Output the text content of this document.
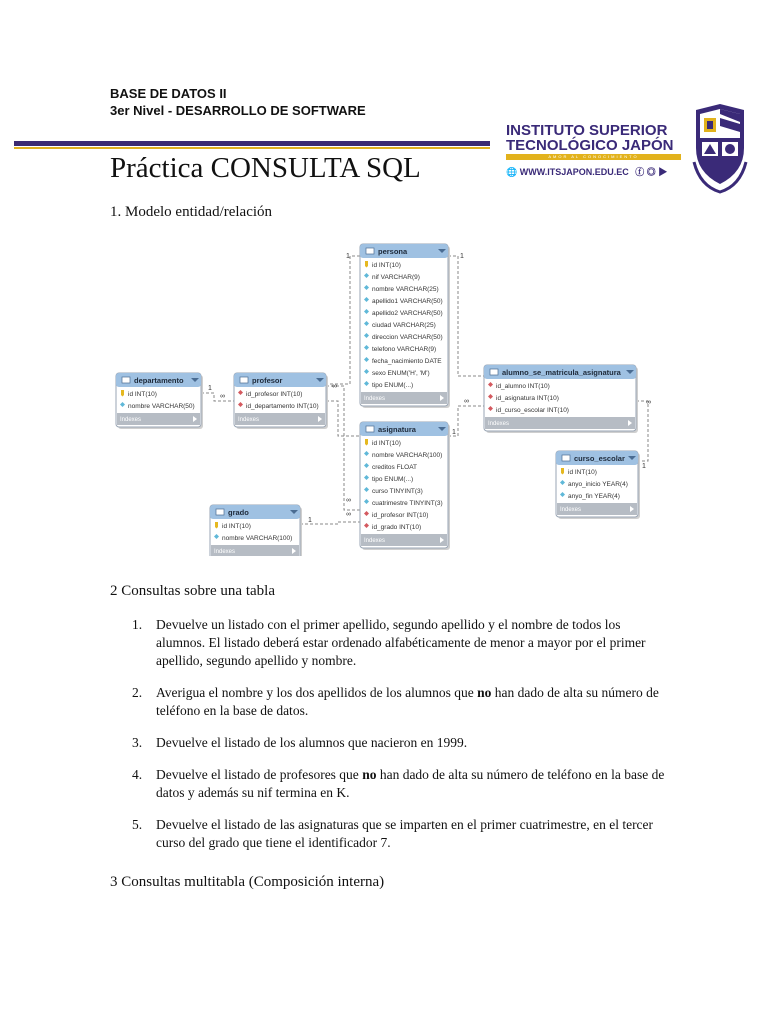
BASE DE DATOS II
3er Nivel - DESARROLLO DE SOFTWARE
INSTITUTO SUPERIOR
TECNOLÓGICO JAPÓN
AMOR AL CONOCIMIENTO
🌐 WWW.ITSJAPON.EDU.EC ⓕ ◎ ▶
Práctica CONSULTA SQL
1. Modelo entidad/relación
persona
id INT(10)
nif VARCHAR(9)
nombre VARCHAR(25)
apellido1 VARCHAR(50)
apellido2 VARCHAR(50)
ciudad VARCHAR(25)
direccion VARCHAR(50)
telefono VARCHAR(9)
fecha_nacimiento DATE
sexo ENUM('H', 'M')
tipo ENUM(...)
Indexes
departamento
id INT(10)
nombre VARCHAR(50)
Indexes
profesor
id_profesor INT(10)
id_departamento INT(10)
Indexes
alumno_se_matricula_asignatura
id_alumno INT(10)
id_asignatura INT(10)
id_curso_escolar INT(10)
Indexes
asignatura
id INT(10)
nombre VARCHAR(100)
creditos FLOAT
tipo ENUM(...)
curso TINYINT(3)
cuatrimestre TINYINT(3)
id_profesor INT(10)
id_grado INT(10)
Indexes
curso_escolar
id INT(10)
anyo_inicio YEAR(4)
anyo_fin YEAR(4)
Indexes
grado
id INT(10)
nombre VARCHAR(100)
Indexes
1	1
1
∞
∞
∞
1
∞
1
1
∞
∞
2 Consultas sobre una tabla
1. Devuelve un listado con el primer apellido, segundo apellido y el nombre de todos los alumnos. El listado deberá estar ordenado alfabéticamente de menor a mayor por el primer apellido, segundo apellido y nombre.
2. Averigua el nombre y los dos apellidos de los alumnos que no han dado de alta su número de teléfono en la base de datos.
3. Devuelve el listado de los alumnos que nacieron en 1999.
4. Devuelve el listado de profesores que no han dado de alta su número de teléfono en la base de datos y además su nif termina en K.
5. Devuelve el listado de las asignaturas que se imparten en el primer cuatrimestre, en el tercer curso del grado que tiene el identificador 7.
3 Consultas multitabla (Composición interna)
